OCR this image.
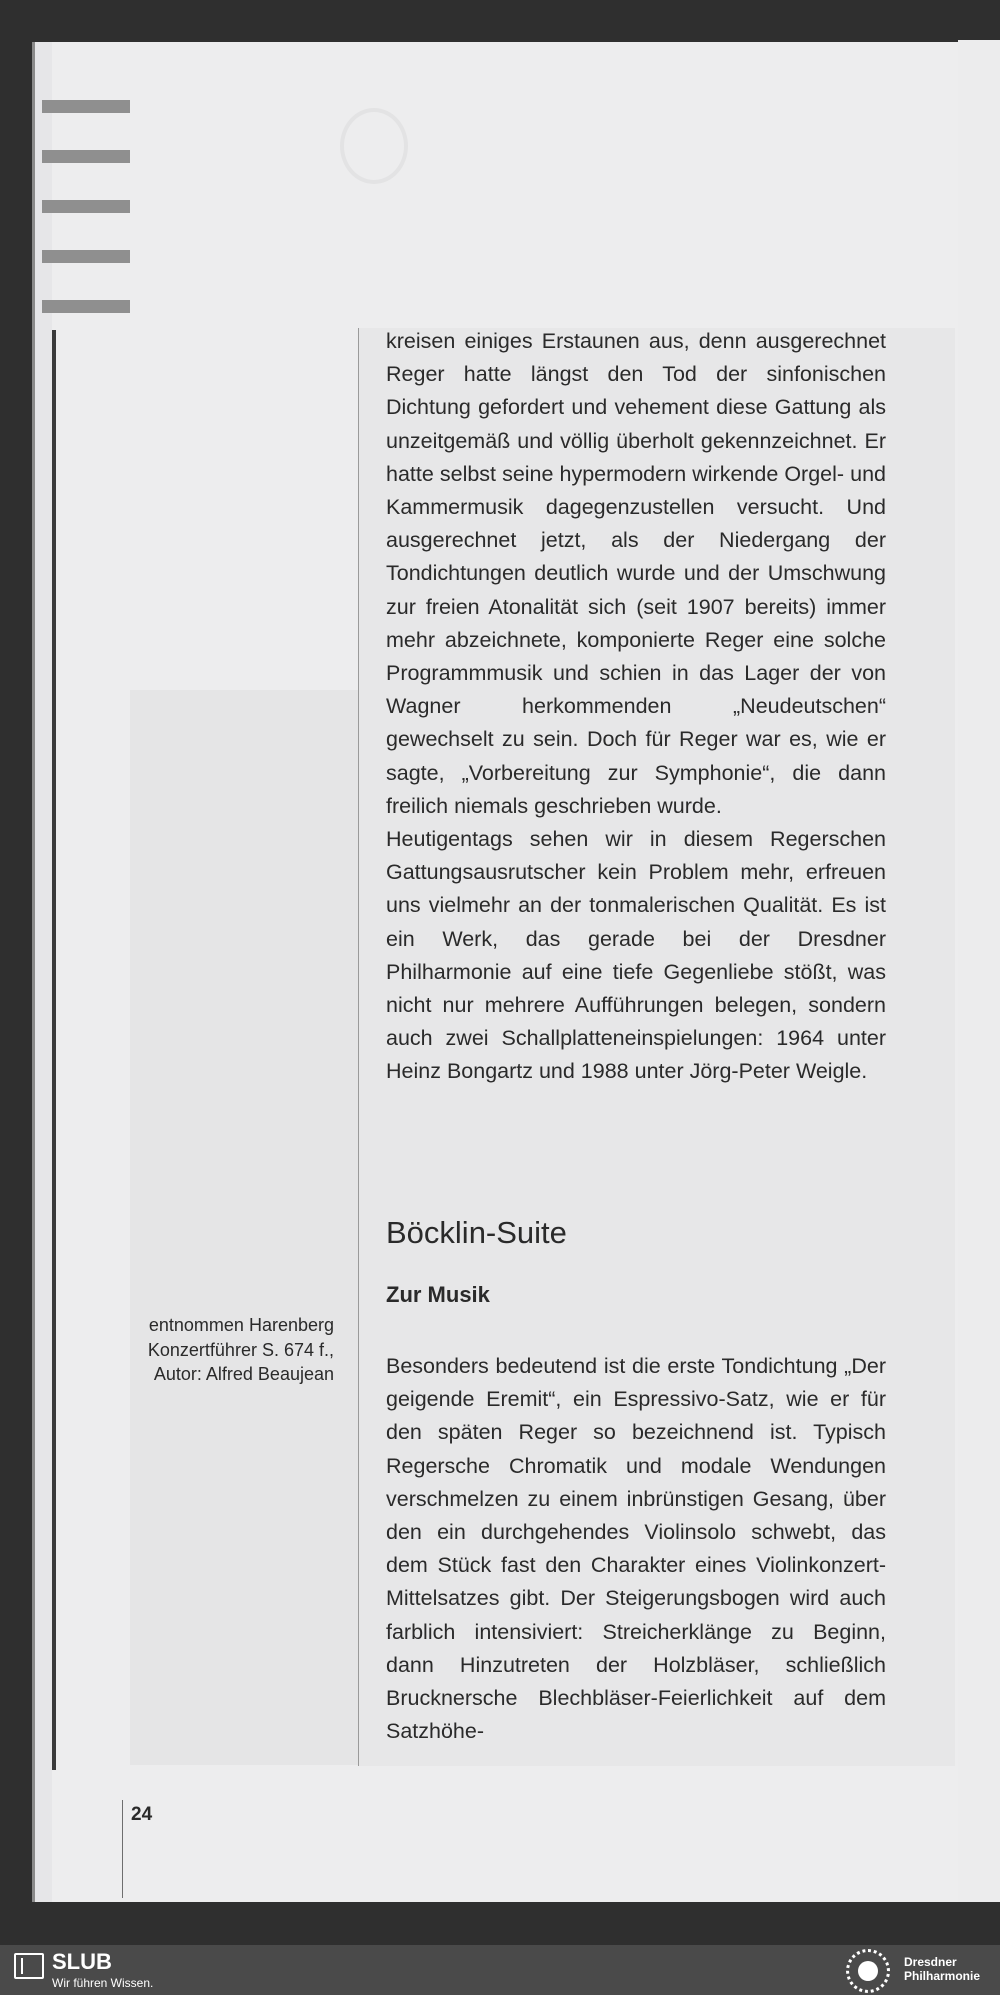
kreisen einiges Erstaunen aus, denn ausgerechnet Reger hatte längst den Tod der sinfonischen Dichtung gefordert und vehement diese Gattung als unzeitgemäß und völlig überholt gekennzeichnet. Er hatte selbst seine hypermodern wirkende Orgel- und Kammermusik dagegenzustellen versucht. Und ausgerechnet jetzt, als der Niedergang der Tondichtungen deutlich wurde und der Umschwung zur freien Atonalität sich (seit 1907 bereits) immer mehr abzeichnete, komponierte Reger eine solche Programmmusik und schien in das Lager der von Wagner herkommenden „Neudeutschen“ gewechselt zu sein. Doch für Reger war es, wie er sagte, „Vorbereitung zur Symphonie“, die dann freilich niemals geschrieben wurde.

Heutigentags sehen wir in diesem Regerschen Gattungsausrutscher kein Problem mehr, erfreuen uns vielmehr an der tonmalerischen Qualität. Es ist ein Werk, das gerade bei der Dresdner Philharmonie auf eine tiefe Gegenliebe stößt, was nicht nur mehrere Aufführungen belegen, sondern auch zwei Schallplatteneinspielungen: 1964 unter Heinz Bongartz und 1988 unter Jörg-Peter Weigle.

Böcklin-Suite
Zur Musik

Besonders bedeutend ist die erste Tondichtung „Der geigende Eremit“, ein Espressivo-Satz, wie er für den späten Reger so bezeichnend ist. Typisch Regersche Chromatik und modale Wendungen verschmelzen zu einem inbrünstigen Gesang, über den ein durchgehendes Violinsolo schwebt, das dem Stück fast den Charakter eines Violinkonzert-Mittelsatzes gibt. Der Steigerungsbogen wird auch farblich intensiviert: Streicherklänge zu Beginn, dann Hinzutreten der Holzbläser, schließlich Brucknersche Blechbläser-Feierlichkeit auf dem Satzhöhe-

entnommen Harenberg
Konzertführer S. 674 f.,
Autor: Alfred Beaujean
24
SLUB
Wir führen Wissen.
Dresdner
Philharmonie
